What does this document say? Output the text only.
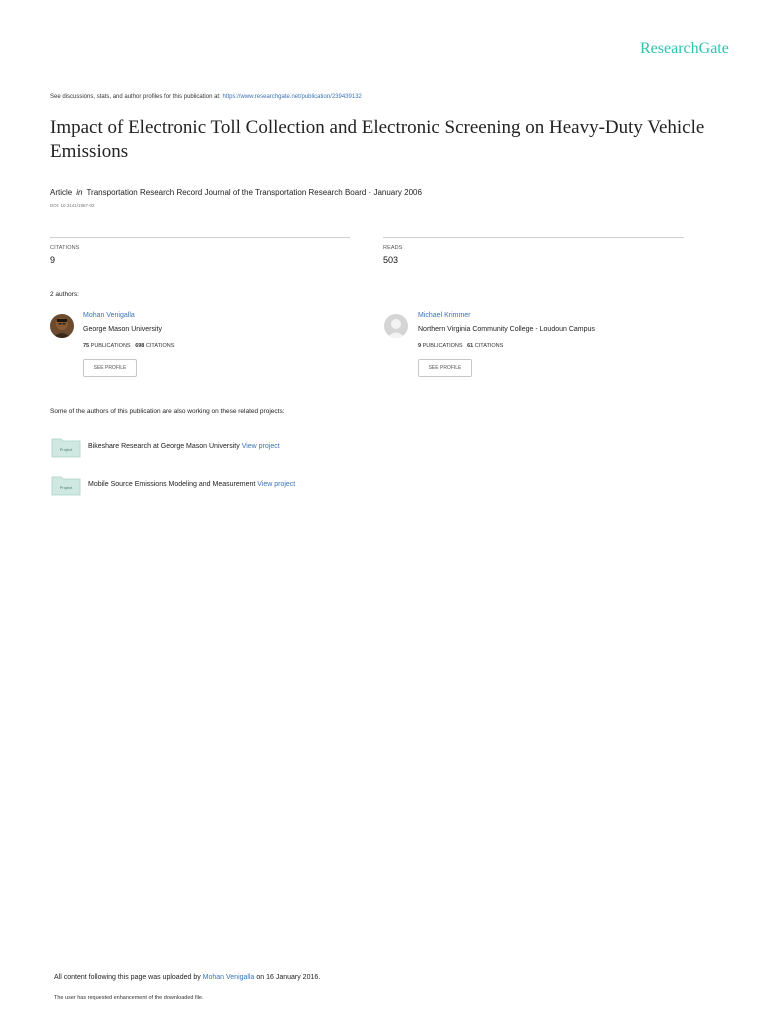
ResearchGate
See discussions, stats, and author profiles for this publication at: https://www.researchgate.net/publication/239439132
Impact of Electronic Toll Collection and Electronic Screening on Heavy-Duty Vehicle Emissions
Article in Transportation Research Record Journal of the Transportation Research Board · January 2006
DOI: 10.3141/1987-02
CITATIONS
9
READS
503
2 authors:
Mohan Venigalla
George Mason University
75 PUBLICATIONS 698 CITATIONS
SEE PROFILE
Michael Krimmer
Northern Virginia Community College - Loudoun Campus
9 PUBLICATIONS 61 CITATIONS
SEE PROFILE
Some of the authors of this publication are also working on these related projects:
Project Bikeshare Research at George Mason University View project
Project Mobile Source Emissions Modeling and Measurement View project
All content following this page was uploaded by Mohan Venigalla on 16 January 2016.
The user has requested enhancement of the downloaded file.
